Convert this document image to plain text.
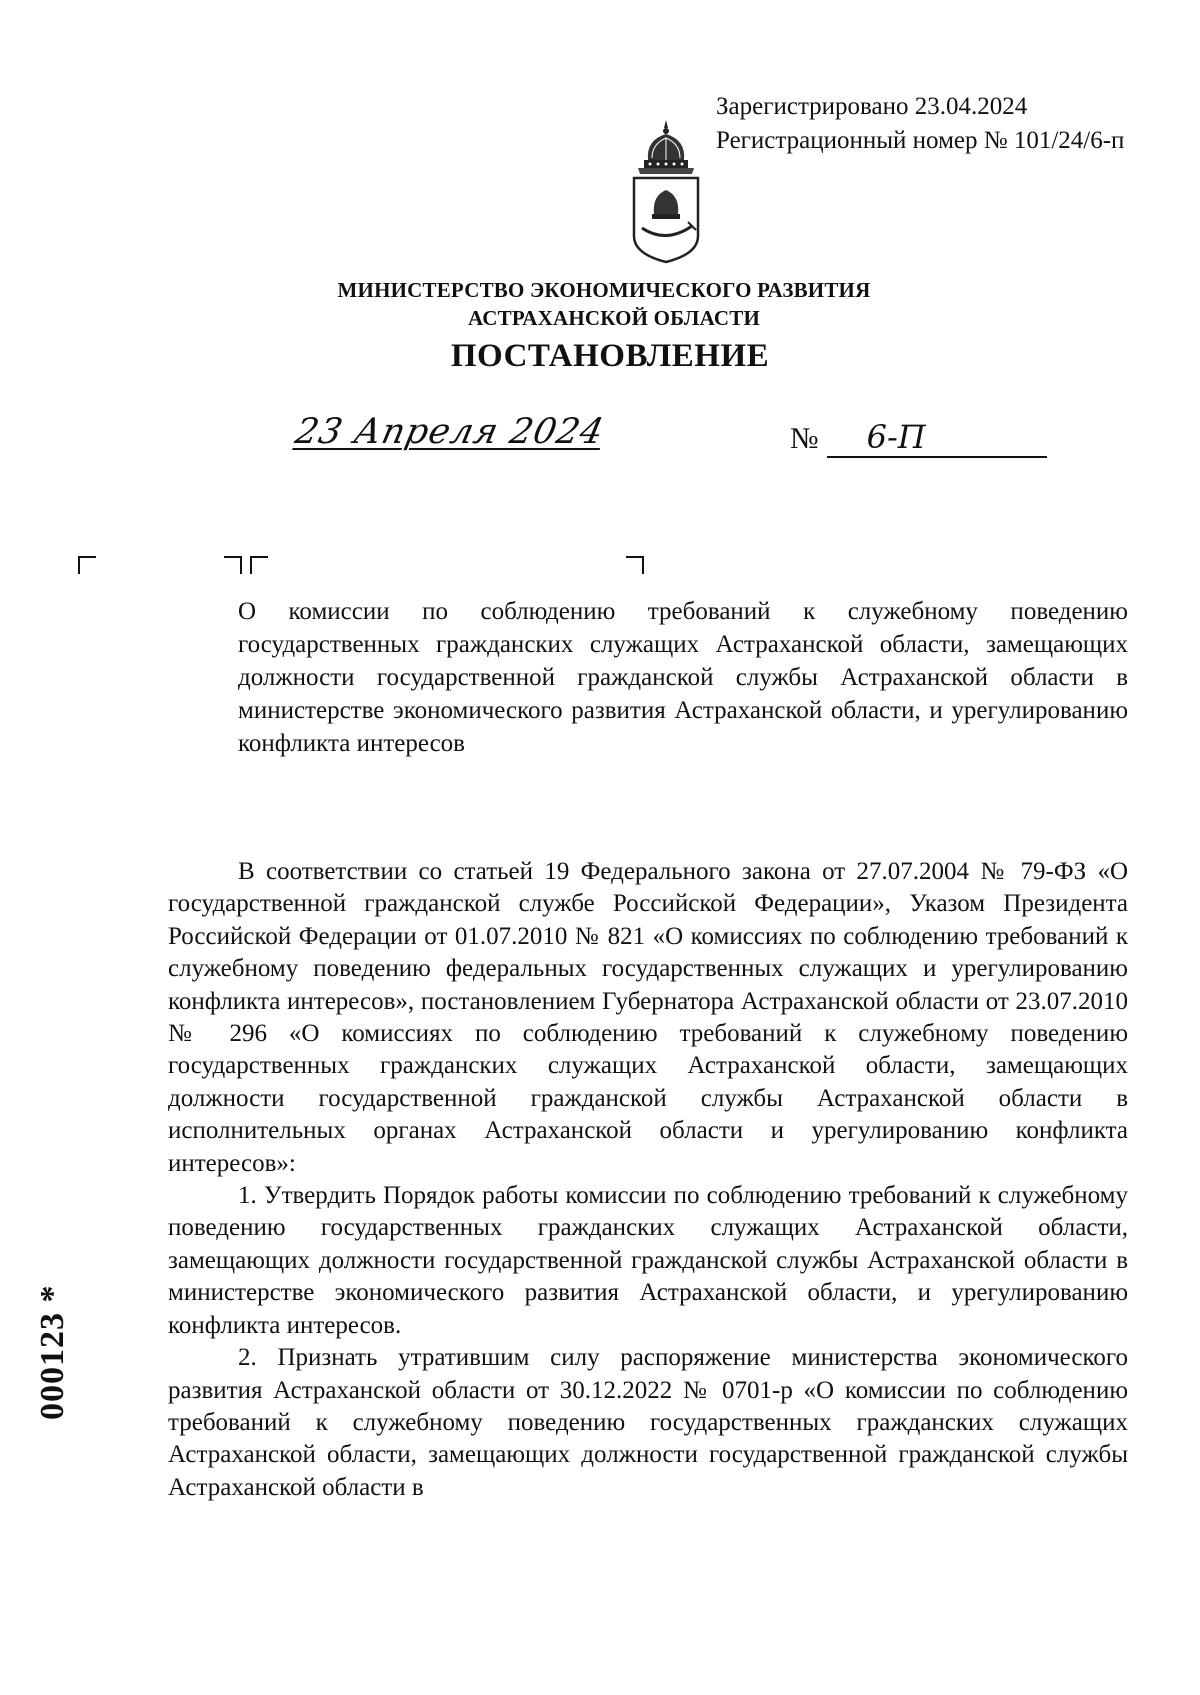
Зарегистрировано 23.04.2024
Регистрационный номер № 101/24/6-п
МИНИСТЕРСТВО ЭКОНОМИЧЕСКОГО РАЗВИТИЯ
АСТРАХАНСКОЙ ОБЛАСТИ
ПОСТАНОВЛЕНИЕ
23 Апреля 2024	№ 6-П
О комиссии по соблюдению требований к служебному поведению государственных гражданских служащих Астраханской области, замещающих должности государственной гражданской службы Астраханской области в министерстве экономического развития Астраханской области, и урегулированию конфликта интересов

В соответствии со статьей 19 Федерального закона от 27.07.2004 № 79-ФЗ «О государственной гражданской службе Российской Федерации», Указом Президента Российской Федерации от 01.07.2010 № 821 «О комиссиях по соблюдению требований к служебному поведению федеральных государственных служащих и урегулированию конфликта интересов», постановлением Губернатора Астраханской области от 23.07.2010 № 296 «О комиссиях по соблюдению требований к служебному поведению государственных гражданских служащих Астраханской области, замещающих должности государственной гражданской службы Астраханской области в исполнительных органах Астраханской области и урегулированию конфликта интересов»:

1. Утвердить Порядок работы комиссии по соблюдению требований к служебному поведению государственных гражданских служащих Астраханской области, замещающих должности государственной гражданской службы Астраханской области в министерстве экономического развития Астраханской области, и урегулированию конфликта интересов.

2. Признать утратившим силу распоряжение министерства экономического развития Астраханской области от 30.12.2022 № 0701-р «О комиссии по соблюдению требований к служебному поведению государственных гражданских служащих Астраханской области, замещающих должности государственной гражданской службы Астраханской области в

000123 *
